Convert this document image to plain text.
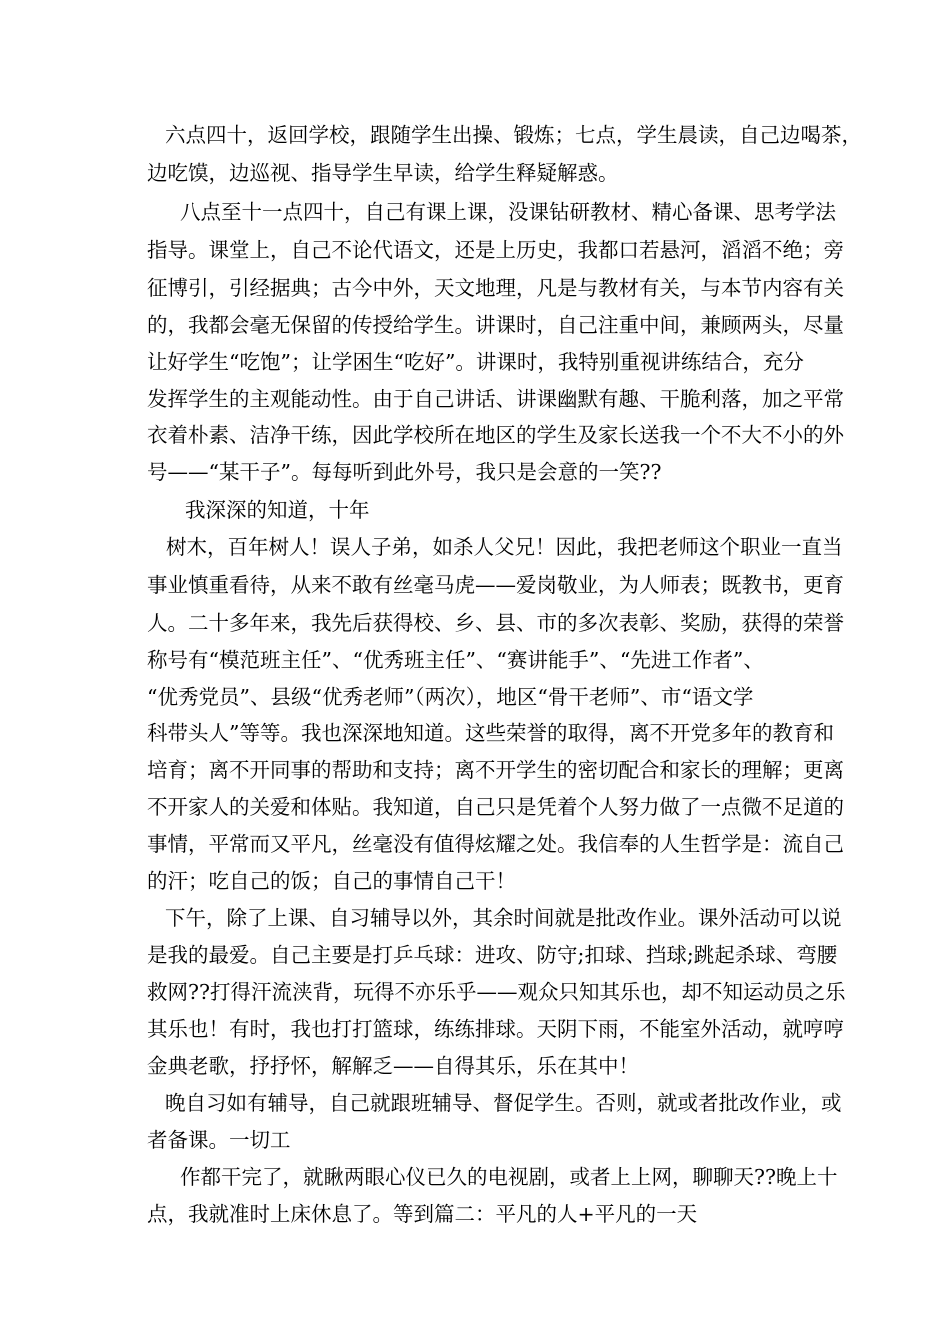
六点四十，返回学校，跟随学生出操、锻炼；七点，学生晨读，自己边喝茶，

边吃馍，边巡视、指导学生早读，给学生释疑解惑。

八点至十一点四十，自己有课上课，没课钻研教材、精心备课、思考学法

指导。课堂上，自己不论代语文，还是上历史，我都口若悬河，滔滔不绝；旁

征博引，引经据典；古今中外，天文地理，凡是与教材有关，与本节内容有关

的，我都会毫无保留的传授给学生。讲课时，自己注重中间，兼顾两头，尽量

让好学生“吃饱”；让学困生“吃好”。讲课时，我特别重视讲练结合，充分

发挥学生的主观能动性。由于自己讲话、讲课幽默有趣、干脆利落，加之平常

衣着朴素、洁净干练，因此学校所在地区的学生及家长送我一个不大不小的外

号——“某干子”。每每听到此外号，我只是会意的一笑??

我深深的知道，十年

树木，百年树人！误人子弟，如杀人父兄！因此，我把老师这个职业一直当

事业慎重看待，从来不敢有丝毫马虎——爱岗敬业，为人师表；既教书，更育

人。二十多年来，我先后获得校、乡、县、市的多次表彰、奖励，获得的荣誉

称号有“模范班主任”、“优秀班主任”、“赛讲能手”、“先进工作者”、

“优秀党员”、县级“优秀老师”（两次），地区“骨干老师”、市“语文学

科带头人”等等。我也深深地知道。这些荣誉的取得，离不开党多年的教育和

培育；离不开同事的帮助和支持；离不开学生的密切配合和家长的理解；更离

不开家人的关爱和体贴。我知道，自己只是凭着个人努力做了一点微不足道的

事情，平常而又平凡，丝毫没有值得炫耀之处。我信奉的人生哲学是：流自己

的汗；吃自己的饭；自己的事情自己干！

下午，除了上课、自习辅导以外，其余时间就是批改作业。课外活动可以说

是我的最爱。自己主要是打乒乓球：进攻、防守;扣球、挡球;跳起杀球、弯腰

救网??打得汗流浃背，玩得不亦乐乎——观众只知其乐也，却不知运动员之乐

其乐也！有时，我也打打篮球，练练排球。天阴下雨，不能室外活动，就哼哼

金典老歌，抒抒怀，解解乏——自得其乐，乐在其中！

晚自习如有辅导，自己就跟班辅导、督促学生。否则，就或者批改作业，或

者备课。一切工

作都干完了，就瞅两眼心仪已久的电视剧，或者上上网，聊聊天??晚上十

点，我就准时上床休息了。等到篇二：平凡的人+平凡的一天
